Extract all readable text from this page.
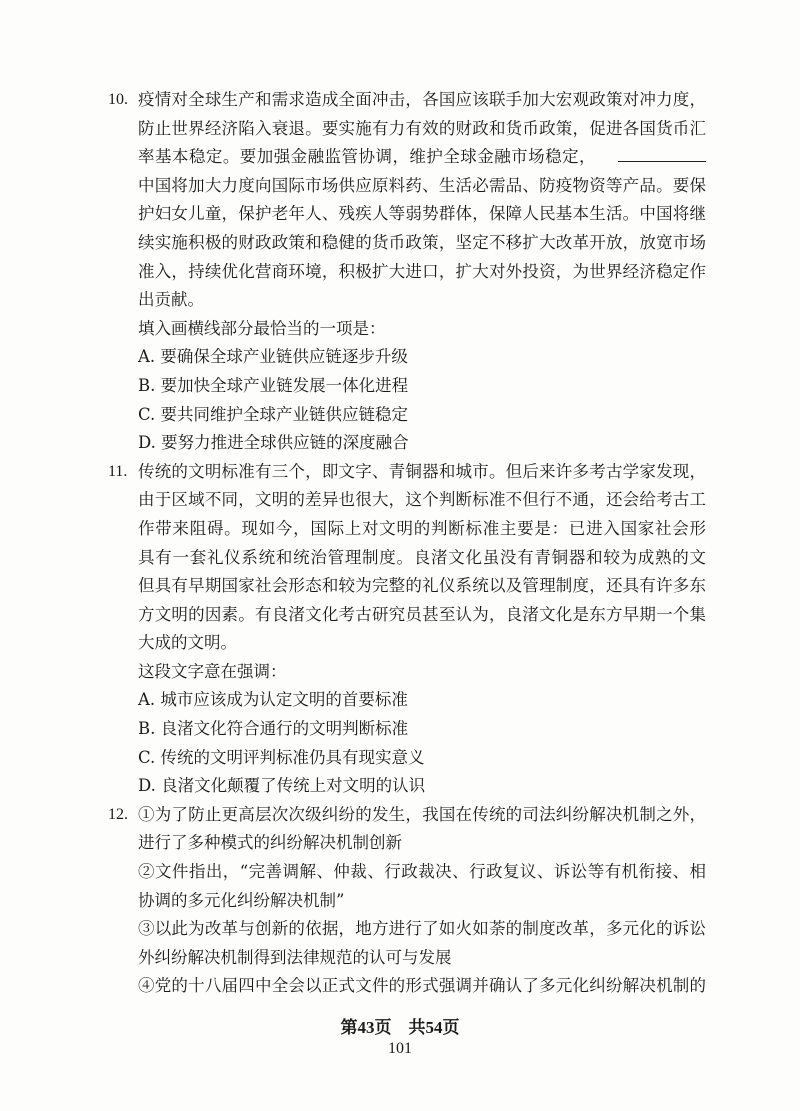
10. 疫情对全球生产和需求造成全面冲击，各国应该联手加大宏观政策对冲力度，
防止世界经济陷入衰退。要实施有力有效的财政和货币政策，促进各国货币汇
率基本稳定。要加强金融监管协调，维护全球金融市场稳定，
中国将加大力度向国际市场供应原料药、生活必需品、防疫物资等产品。要保
护妇女儿童，保护老年人、残疾人等弱势群体，保障人民基本生活。中国将继
续实施积极的财政政策和稳健的货币政策，坚定不移扩大改革开放，放宽市场
准入，持续优化营商环境，积极扩大进口，扩大对外投资，为世界经济稳定作
出贡献。
填入画横线部分最恰当的一项是：
A. 要确保全球产业链供应链逐步升级
B. 要加快全球产业链发展一体化进程
C. 要共同维护全球产业链供应链稳定
D. 要努力推进全球供应链的深度融合
11. 传统的文明标准有三个，即文字、青铜器和城市。但后来许多考古学家发现，
由于区域不同，文明的差异也很大，这个判断标准不但行不通，还会给考古工
作带来阻碍。现如今，国际上对文明的判断标准主要是：已进入国家社会形
具有一套礼仪系统和统治管理制度。良渚文化虽没有青铜器和较为成熟的文
但具有早期国家社会形态和较为完整的礼仪系统以及管理制度，还具有许多东
方文明的因素。有良渚文化考古研究员甚至认为，良渚文化是东方早期一个集
大成的文明。
这段文字意在强调：
A. 城市应该成为认定文明的首要标准
B. 良渚文化符合通行的文明判断标准
C. 传统的文明评判标准仍具有现实意义
D. 良渚文化颠覆了传统上对文明的认识
12. ①为了防止更高层次次级纠纷的发生，我国在传统的司法纠纷解决机制之外，
进行了多种模式的纠纷解决机制创新
②文件指出，“完善调解、仲裁、行政裁决、行政复议、诉讼等有机衔接、相
协调的多元化纠纷解决机制”
③以此为改革与创新的依据，地方进行了如火如荼的制度改革，多元化的诉讼
外纠纷解决机制得到法律规范的认可与发展
④党的十八届四中全会以正式文件的形式强调并确认了多元化纠纷解决机制的
第43页　共54页
101
